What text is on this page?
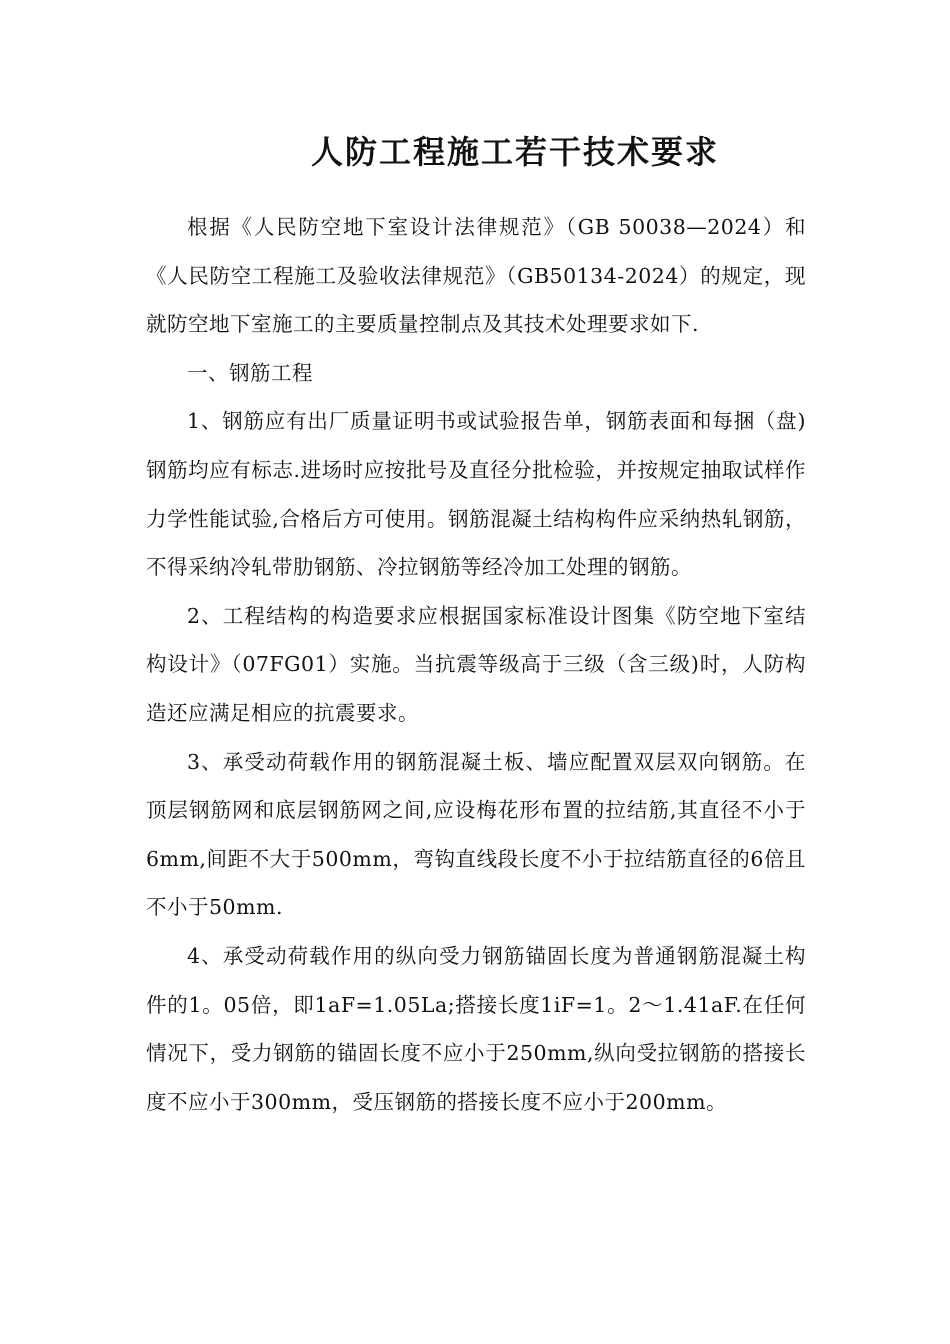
人防工程施工若干技术要求

根据《人民防空地下室设计法律规范》（GB 50038—2024）和《人民防空工程施工及验收法律规范》（GB50134-2024）的规定，现就防空地下室施工的主要质量控制点及其技术处理要求如下.

一、钢筋工程

1、钢筋应有出厂质量证明书或试验报告单，钢筋表面和每捆（盘)钢筋均应有标志.进场时应按批号及直径分批检验，并按规定抽取试样作力学性能试验,合格后方可使用。钢筋混凝土结构构件应采纳热轧钢筋，不得采纳冷轧带肋钢筋、冷拉钢筋等经冷加工处理的钢筋。

2、工程结构的构造要求应根据国家标准设计图集《防空地下室结构设计》（07FG01）实施。当抗震等级高于三级（含三级)时，人防构造还应满足相应的抗震要求。

3、承受动荷载作用的钢筋混凝土板、墙应配置双层双向钢筋。在顶层钢筋网和底层钢筋网之间,应设梅花形布置的拉结筋,其直径不小于6mm,间距不大于500mm，弯钩直线段长度不小于拉结筋直径的6倍且不小于50mm.

4、承受动荷载作用的纵向受力钢筋锚固长度为普通钢筋混凝土构件的1。05倍，即1aF=1.05La;搭接长度1iF=1。2～1.41aF.在任何情况下，受力钢筋的锚固长度不应小于250mm,纵向受拉钢筋的搭接长度不应小于300mm，受压钢筋的搭接长度不应小于200mm。
